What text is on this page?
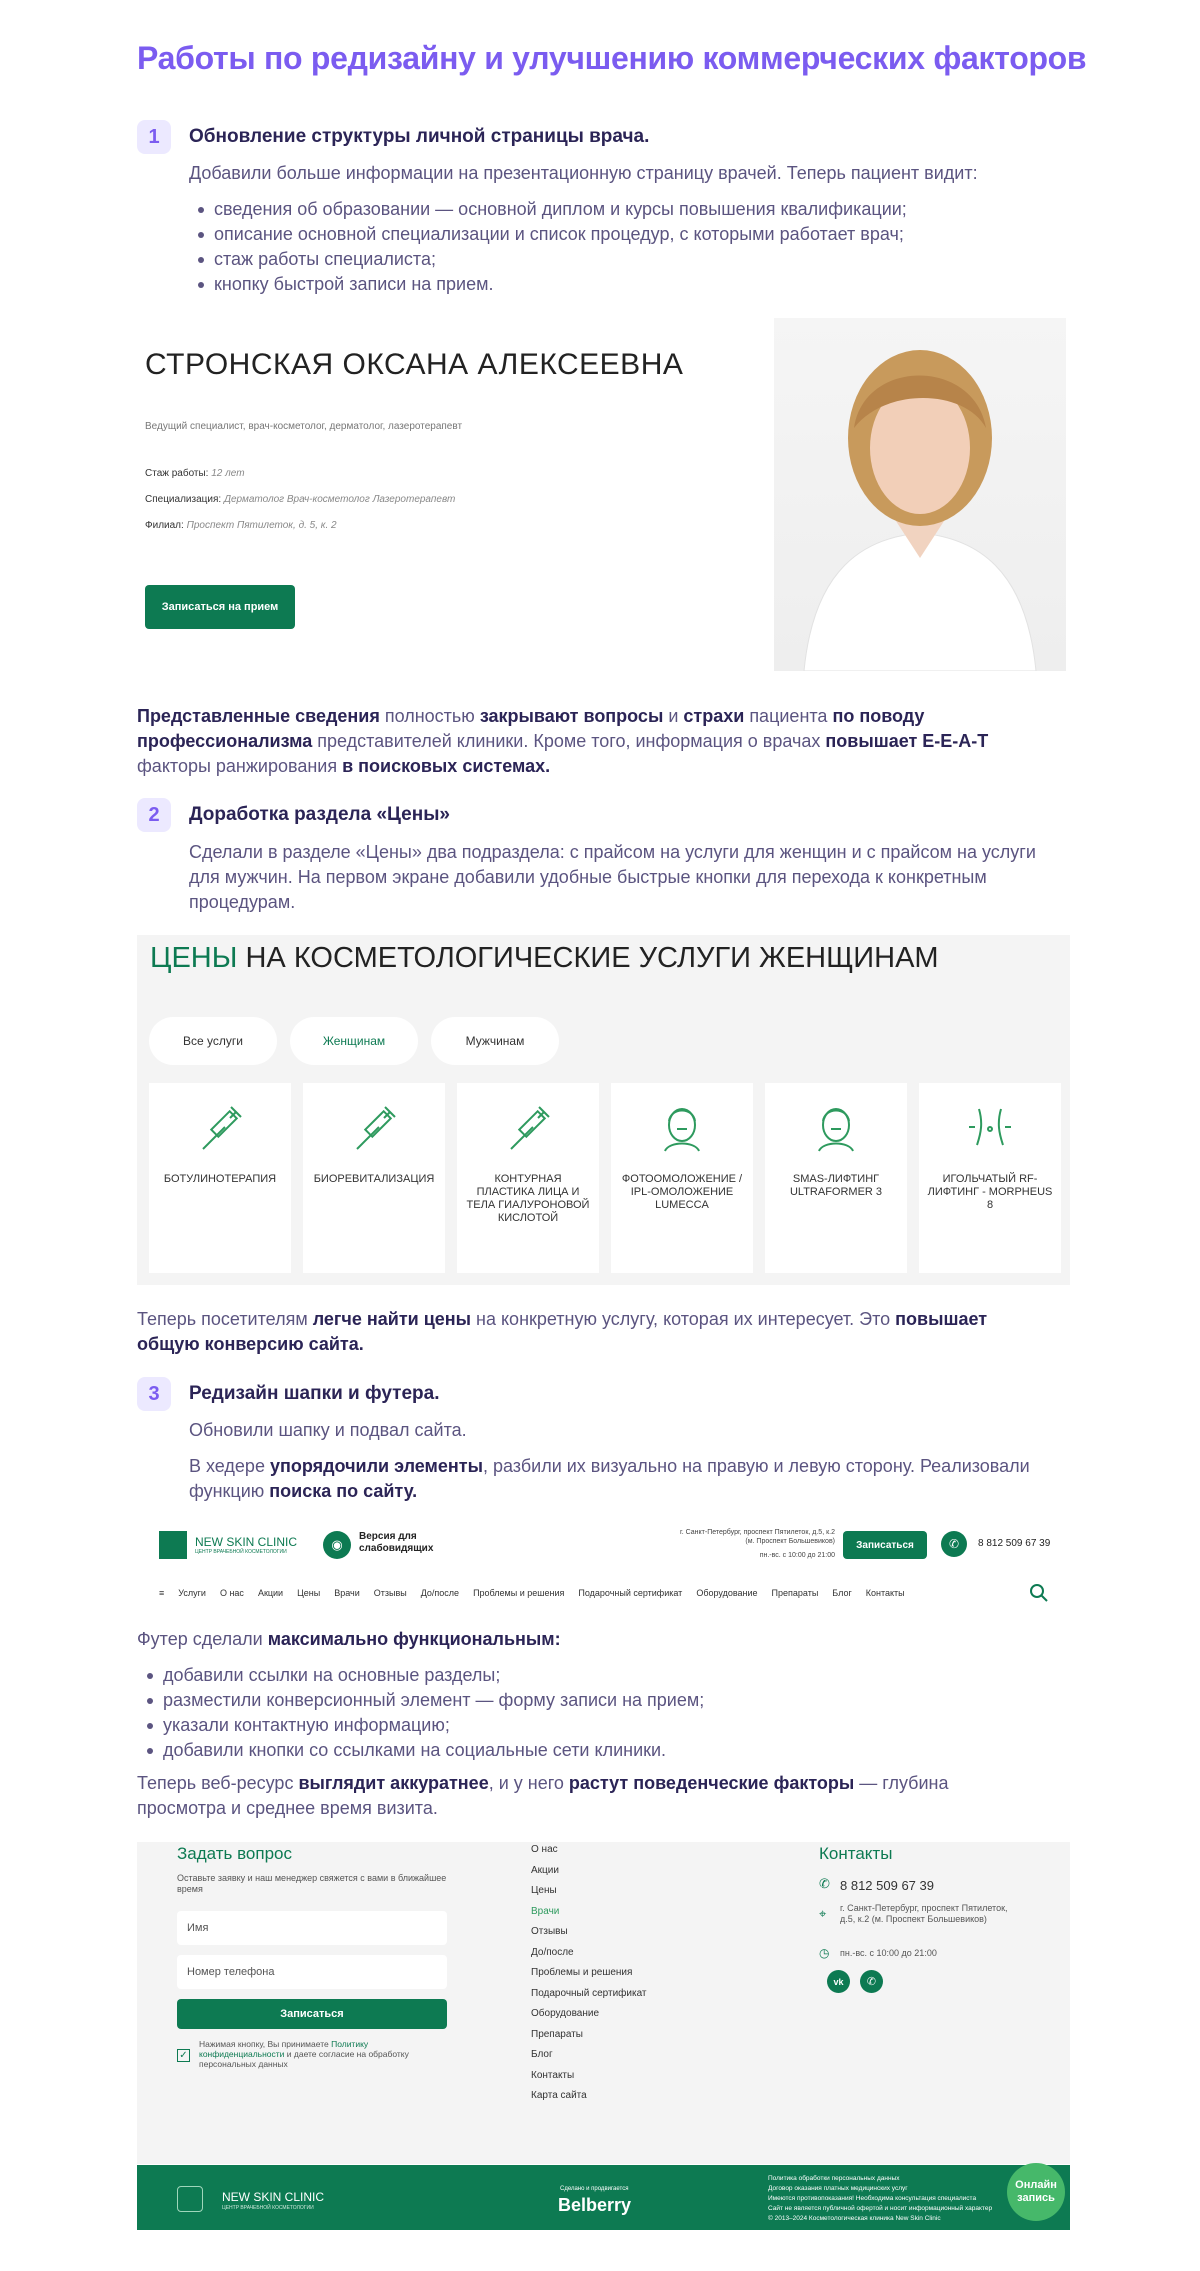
Работы по редизайну и улучшению коммерческих факторов
1	Обновление структуры личной страницы врача.
Добавили больше информации на презентационную страницу врачей. Теперь пациент видит:
сведения об образовании — основной диплом и курсы повышения квалификации;
описание основной специализации и список процедур, с которыми работает врач;
стаж работы специалиста;
кнопку быстрой записи на прием.
СТРОНСКАЯ ОКСАНА АЛЕКСЕЕВНА
Ведущий специалист, врач-косметолог, дерматолог, лазеротерапевт
Стаж работы: 12 лет
Специализация: Дерматолог Врач-косметолог Лазеротерапевт
Филиал: Проспект Пятилеток, д. 5, к. 2
Записаться на прием
Представленные сведения полностью закрывают вопросы и страхи пациента по поводу профессионализма представителей клиники. Кроме того, информация о врачах повышает E-E-A-T факторы ранжирования в поисковых системах.
2	Доработка раздела «Цены»
Сделали в разделе «Цены» два подраздела: с прайсом на услуги для женщин и с прайсом на услуги для мужчин. На первом экране добавили удобные быстрые кнопки для перехода к конкретным процедурам.
ЦЕНЫ НА КОСМЕТОЛОГИЧЕСКИЕ УСЛУГИ ЖЕНЩИНАМ
Все услуги	Женщинам	Мужчинам
БОТУЛИНОТЕРАПИЯ	БИОРЕВИТАЛИЗАЦИЯ	КОНТУРНАЯ ПЛАСТИКА ЛИЦА И ТЕЛА ГИАЛУРОНОВОЙ КИСЛОТОЙ
ФОТООМОЛОЖЕНИЕ / IPL-ОМОЛОЖЕНИЕ LUMECCA
SMAS-ЛИФТИНГ ULTRAFORMER 3
ИГОЛЬЧАТЫЙ RF-ЛИФТИНГ - MORPHEUS 8
Теперь посетителям легче найти цены на конкретную услугу, которая их интересует. Это повышает общую конверсию сайта.
3	Редизайн шапки и футера.
Обновили шапку и подвал сайта.
В хедере упорядочили элементы, разбили их визуально на правую и левую сторону. Реализовали функцию поиска по сайту.
NEW SKIN CLINIC
ЦЕНТР ВРАЧЕБНОЙ КОСМЕТОЛОГИИ	◉
Версия для слабовидящих
г. Санкт-Петербург, проспект Пятилеток, д.5, к.2 (м. Проспект Большевиков)
пн.-вс. с 10:00 до 21:00
Записаться	✆	8 812 509 67 39
≡ Услуги О нас Акции Цены Врачи Отзывы До/после Проблемы и решения Подарочный сертификат Оборудование Препараты Блог Контакты
Футер сделали максимально функциональным:
добавили ссылки на основные разделы;
разместили конверсионный элемент — форму записи на прием;
указали контактную информацию;
добавили кнопки со ссылками на социальные сети клиники.
Теперь веб-ресурс выглядит аккуратнее, и у него растут поведенческие факторы — глубина просмотра и среднее время визита.
Задать вопрос
Оставьте заявку и наш менеджер свяжется с вами в ближайшее время
Имя
Номер телефона
Записаться
✓
Нажимая кнопку, Вы принимаете Политику конфиденциальности и даете согласие на обработку персональных данных
О нас
Акции
Цены
Врачи
Отзывы
До/после
Проблемы и решения
Подарочный сертификат
Оборудование
Препараты
Блог
Контакты
Карта сайта
Контакты
✆ 8 812 509 67 39
⌖ г. Санкт-Петербург, проспект Пятилеток, д.5, к.2 (м. Проспект Большевиков)
◷ пн.-вс. с 10:00 до 21:00
vk	✆
NEW SKIN CLINIC
ЦЕНТР ВРАЧЕБНОЙ КОСМЕТОЛОГИИ
Сделано и продвигается
Belberry
Политика обработки персональных данных
Договор оказания платных медицинских услуг
Имеются противопоказания! Необходима консультация специалиста
Сайт не является публичной офертой и носит информационный характер
© 2013–2024 Косметологическая клиника New Skin Clinic
Онлайн запись
